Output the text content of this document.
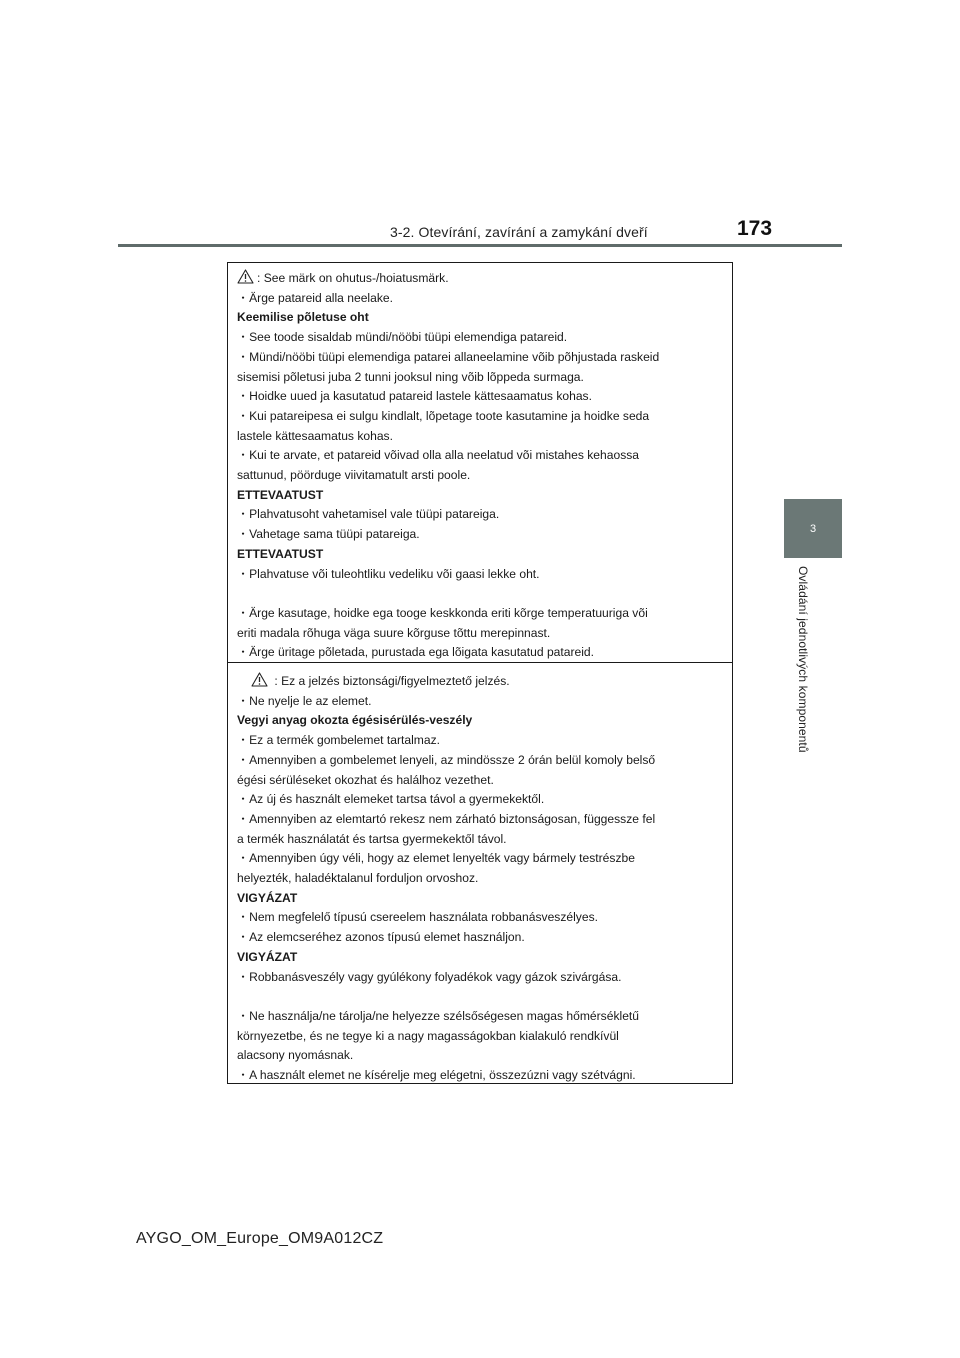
3-2. Otevírání, zavírání a zamykání dveří	173
3
Ovládání jednotlivých komponentů
: See märk on ohutus-/hoiatusmärk.
・Ärge patareid alla neelake.
Keemilise põletuse oht
・See toode sisaldab mündi/nööbi tüüpi elemendiga patareid.
・Mündi/nööbi tüüpi elemendiga patarei allaneelamine võib põhjustada raskeid
sisemisi põletusi juba 2 tunni jooksul ning võib lõppeda surmaga.
・Hoidke uued ja kasutatud patareid lastele kättesaamatus kohas.
・Kui patareipesa ei sulgu kindlalt, lõpetage toote kasutamine ja hoidke seda
lastele kättesaamatus kohas.
・Kui te arvate, et patareid võivad olla alla neelatud või mistahes kehaossa
sattunud, pöörduge viivitamatult arsti poole.
ETTEVAATUST
・Plahvatusoht vahetamisel vale tüüpi patareiga.
・Vahetage sama tüüpi patareiga.
ETTEVAATUST
・Plahvatuse või tuleohtliku vedeliku või gaasi lekke oht.
・Ärge kasutage, hoidke ega tooge keskkonda eriti kõrge temperatuuriga või
eriti madala rõhuga väga suure kõrguse tõttu merepinnast.
・Ärge üritage põletada, purustada ega lõigata kasutatud patareid.
: Ez a jelzés biztonsági/figyelmeztető jelzés.
・Ne nyelje le az elemet.
Vegyi anyag okozta égésisérülés-veszély
・Ez a termék gombelemet tartalmaz.
・Amennyiben a gombelemet lenyeli, az mindössze 2 órán belül komoly belső
égési sérüléseket okozhat és halálhoz vezethet.
・Az új és használt elemeket tartsa távol a gyermekektől.
・Amennyiben az elemtartó rekesz nem zárható biztonságosan, függessze fel
a termék használatát és tartsa gyermekektől távol.
・Amennyiben úgy véli, hogy az elemet lenyelték vagy bármely testrészbe
helyezték, haladéktalanul forduljon orvoshoz.
VIGYÁZAT
・Nem megfelelő típusú csereelem használata robbanásveszélyes.
・Az elemcseréhez azonos típusú elemet használjon.
VIGYÁZAT
・Robbanásveszély vagy gyúlékony folyadékok vagy gázok szivárgása.
・Ne használja/ne tárolja/ne helyezze szélsőségesen magas hőmérsékletű
környezetbe, és ne tegye ki a nagy magasságokban kialakuló rendkívül
alacsony nyomásnak.
・A használt elemet ne kísérelje meg elégetni, összezúzni vagy szétvágni.
AYGO_OM_Europe_OM9A012CZ
